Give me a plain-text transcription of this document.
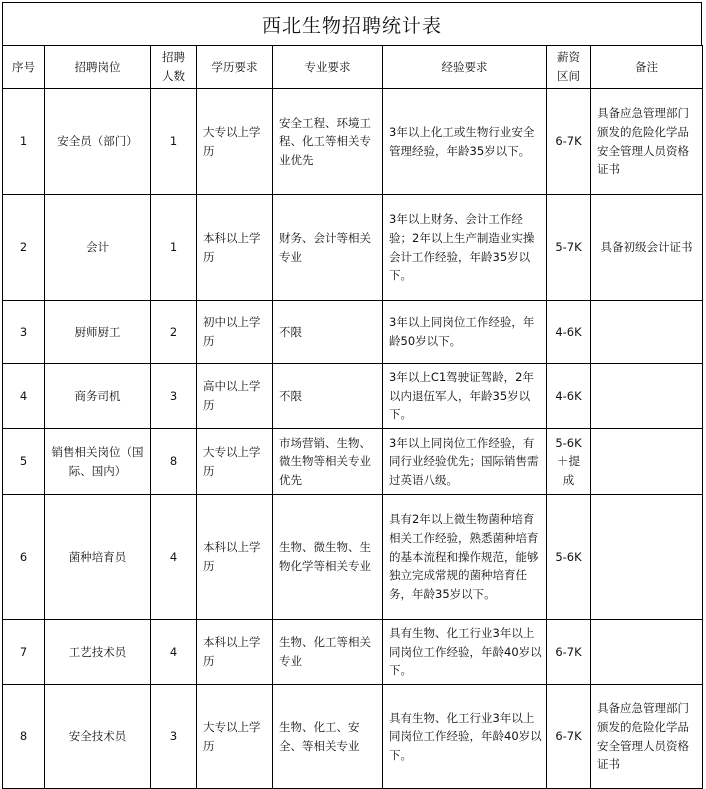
西北生物招聘统计表
序号	招聘岗位	招聘人数	学历要求	专业要求	经验要求	薪资区间	备注
1	安全员（部门）	1	大专以上学历	安全工程、环境工程、化工等相关专业优先	3年以上化工或生物行业安全管理经验，年龄35岁以下。	6-7K	具备应急管理部门颁发的危险化学品安全管理人员资格证书
2	会计	1	本科以上学历	财务、会计等相关专业	3年以上财务、会计工作经验；2年以上生产制造业实操会计工作经验，年龄35岁以下。	5-7K	具备初级会计证书
3	厨师厨工	2	初中以上学历	不限	3年以上同岗位工作经验，年龄50岁以下。	4-6K	
4	商务司机	3	高中以上学历	不限	3年以上C1驾驶证驾龄，2年以内退伍军人，年龄35岁以下。	4-6K	
5	销售相关岗位（国际、国内）	8	大专以上学历	市场营销、生物、微生物等相关专业优先	3年以上同岗位工作经验，有同行业经验优先；国际销售需过英语八级。	5-6K＋提成	
6	菌种培育员	4	本科以上学历	生物、微生物、生物化学等相关专业	具有2年以上微生物菌种培育相关工作经验，熟悉菌种培育的基本流程和操作规范，能够独立完成常规的菌种培育任务，年龄35岁以下。	5-6K	
7	工艺技术员	4	本科以上学历	生物、化工等相关专业	具有生物、化工行业3年以上同岗位工作经验，年龄40岁以下。	6-7K	
8	安全技术员	3	大专以上学历	生物、化工、安全、等相关专业	具有生物、化工行业3年以上同岗位工作经验，年龄40岁以下。	6-7K	具备应急管理部门颁发的危险化学品安全管理人员资格证书
